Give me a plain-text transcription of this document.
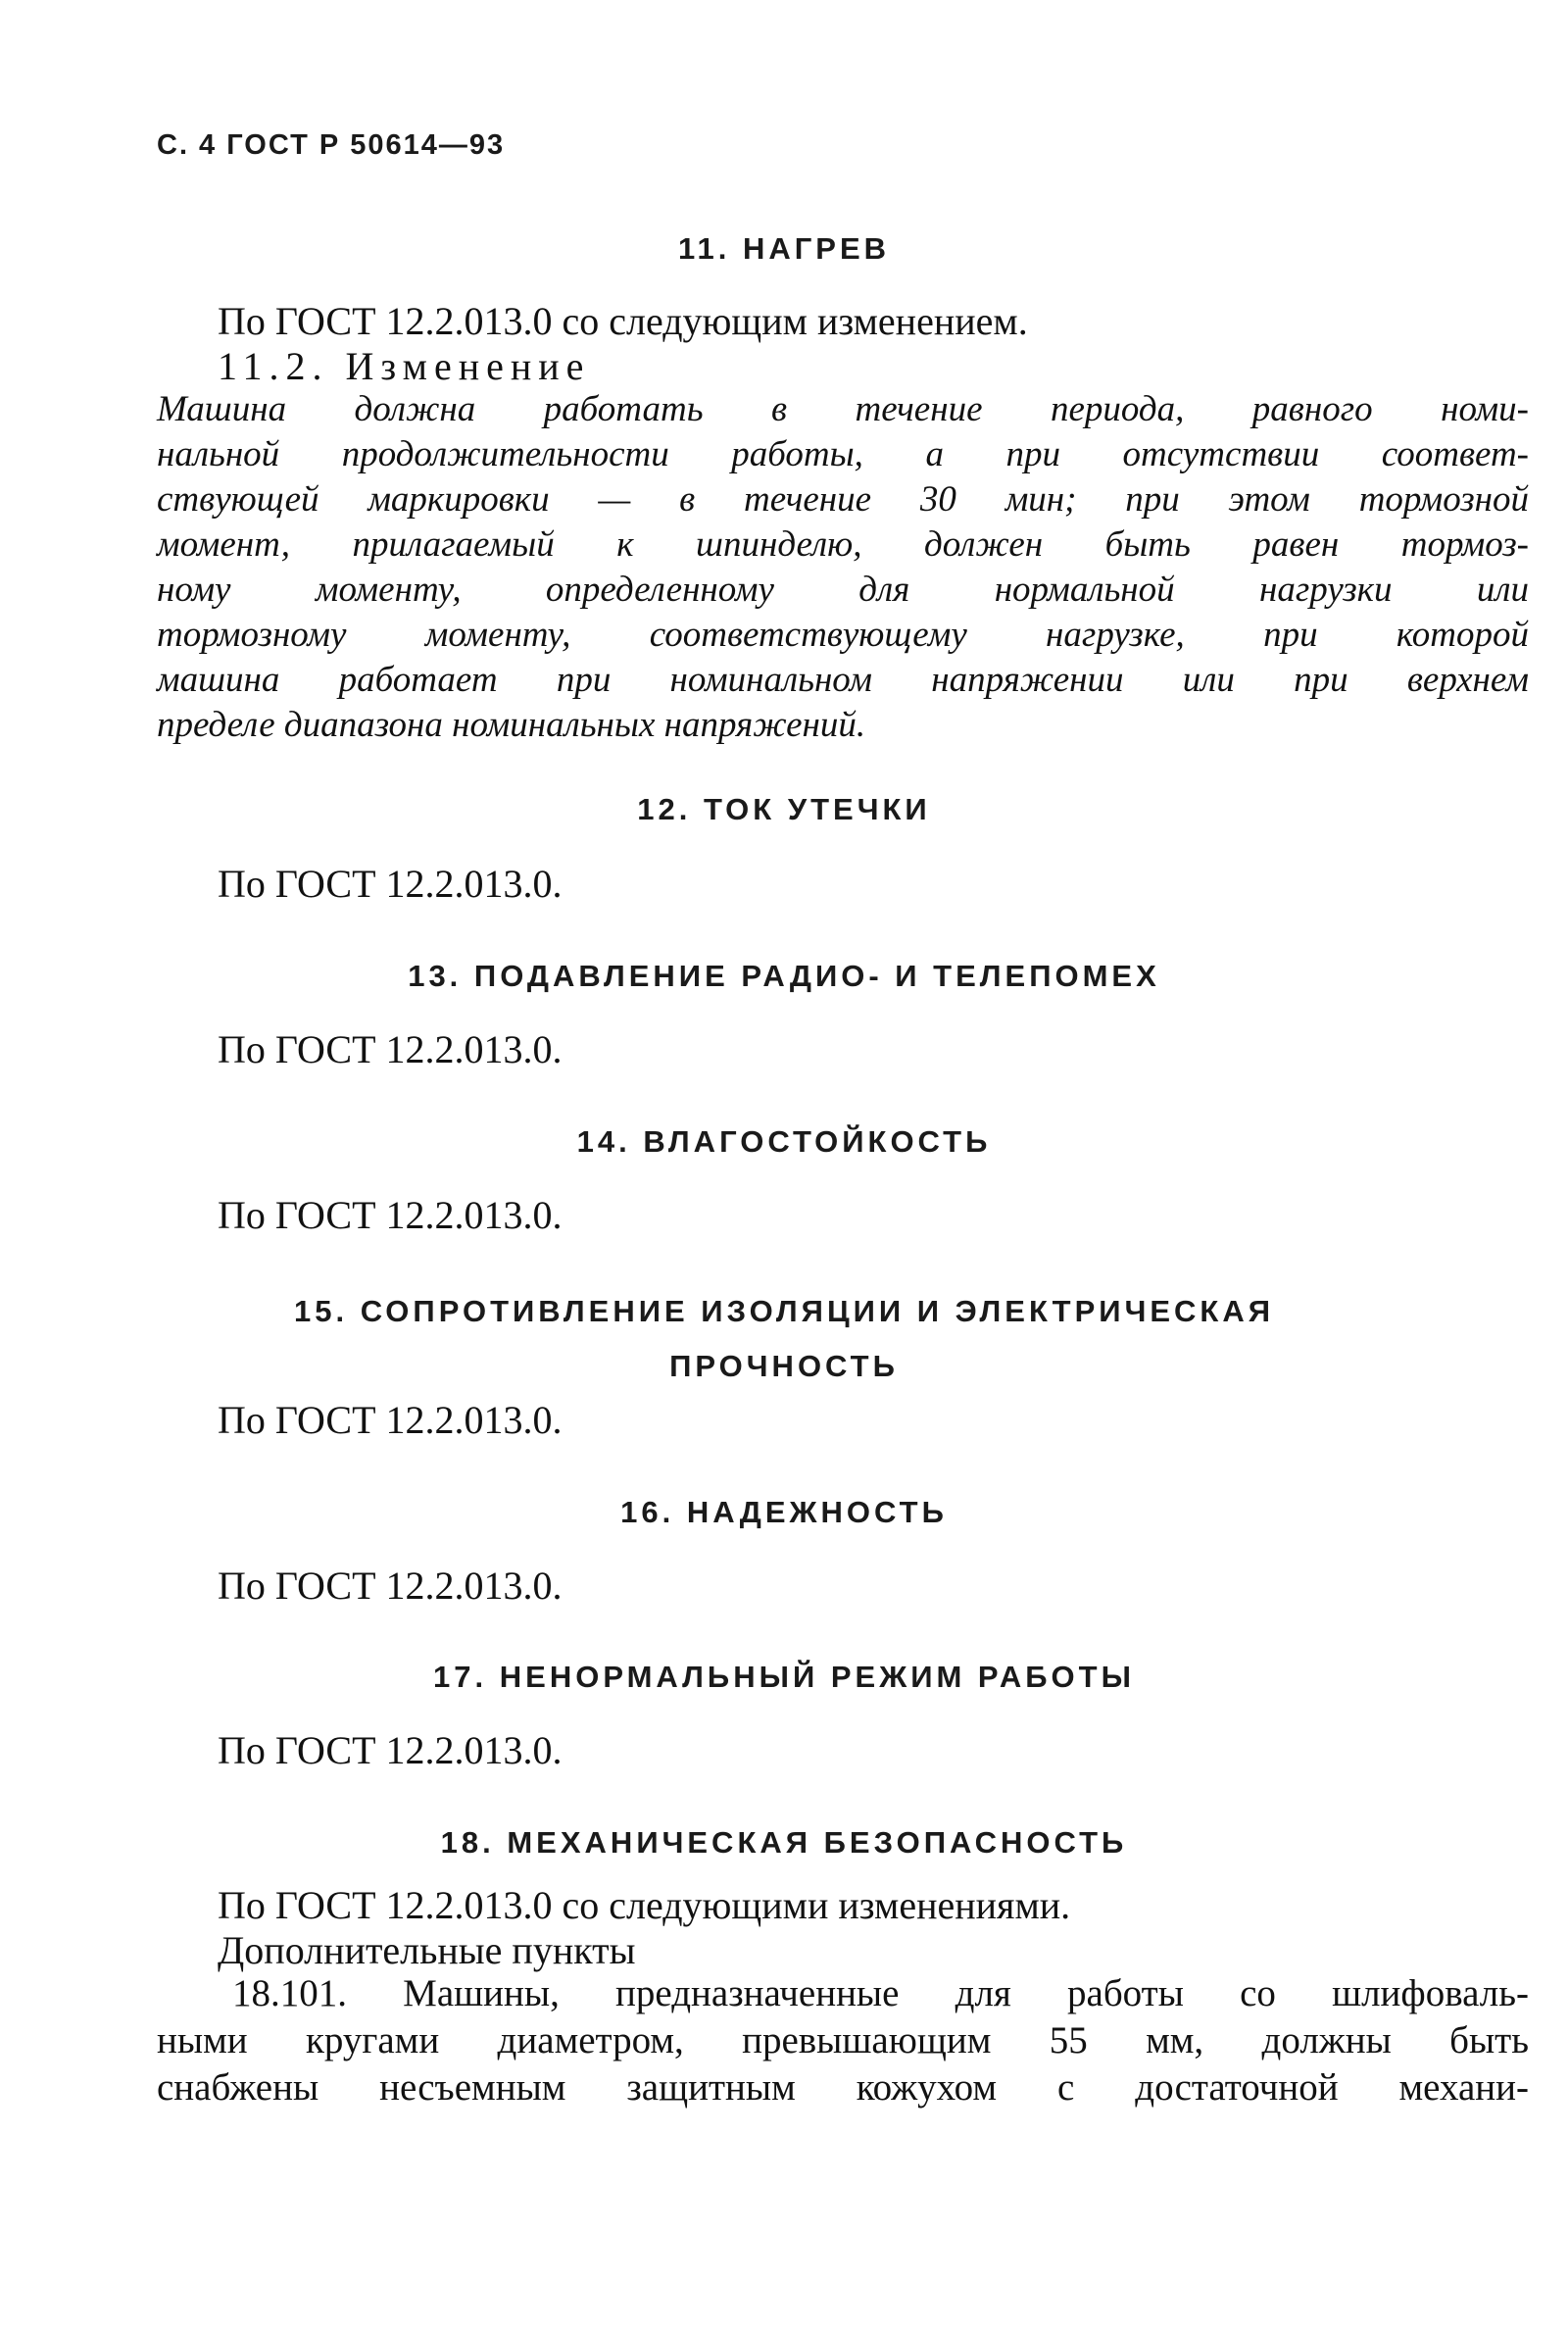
С. 4 ГОСТ Р 50614—93
11. НАГРЕВ

По ГОСТ 12.2.013.0 со следующим изменением.

11.2. Изменение

Машина должна работать в течение периода, равного номи-
нальной продолжительности работы, а при отсутствии соответ-
ствующей маркировки — в течение 30 мин; при этом тормозной
момент, прилагаемый к шпинделю, должен быть равен тормоз-
ному моменту, определенному для нормальной нагрузки или
тормозному моменту, соответствующему нагрузке, при которой
машина работает при номинальном напряжении или при верхнем
пределе диапазона номинальных напряжений.
12. ТОК УТЕЧКИ

По ГОСТ 12.2.013.0.

13. ПОДАВЛЕНИЕ РАДИО- И ТЕЛЕПОМЕХ

По ГОСТ 12.2.013.0.

14. ВЛАГОСТОЙКОСТЬ

По ГОСТ 12.2.013.0.

15. СОПРОТИВЛЕНИЕ ИЗОЛЯЦИИ И ЭЛЕКТРИЧЕСКАЯ
ПРОЧНОСТЬ

По ГОСТ 12.2.013.0.

16. НАДЕЖНОСТЬ

По ГОСТ 12.2.013.0.

17. НЕНОРМАЛЬНЫЙ РЕЖИМ РАБОТЫ

По ГОСТ 12.2.013.0.

18. МЕХАНИЧЕСКАЯ БЕЗОПАСНОСТЬ

По ГОСТ 12.2.013.0 со следующими изменениями.

Дополнительные пункты

18.101. Машины, предназначенные для работы со шлифоваль-
ными кругами диаметром, превышающим 55 мм, должны быть
снабжены несъемным защитным кожухом с достаточной механи-
